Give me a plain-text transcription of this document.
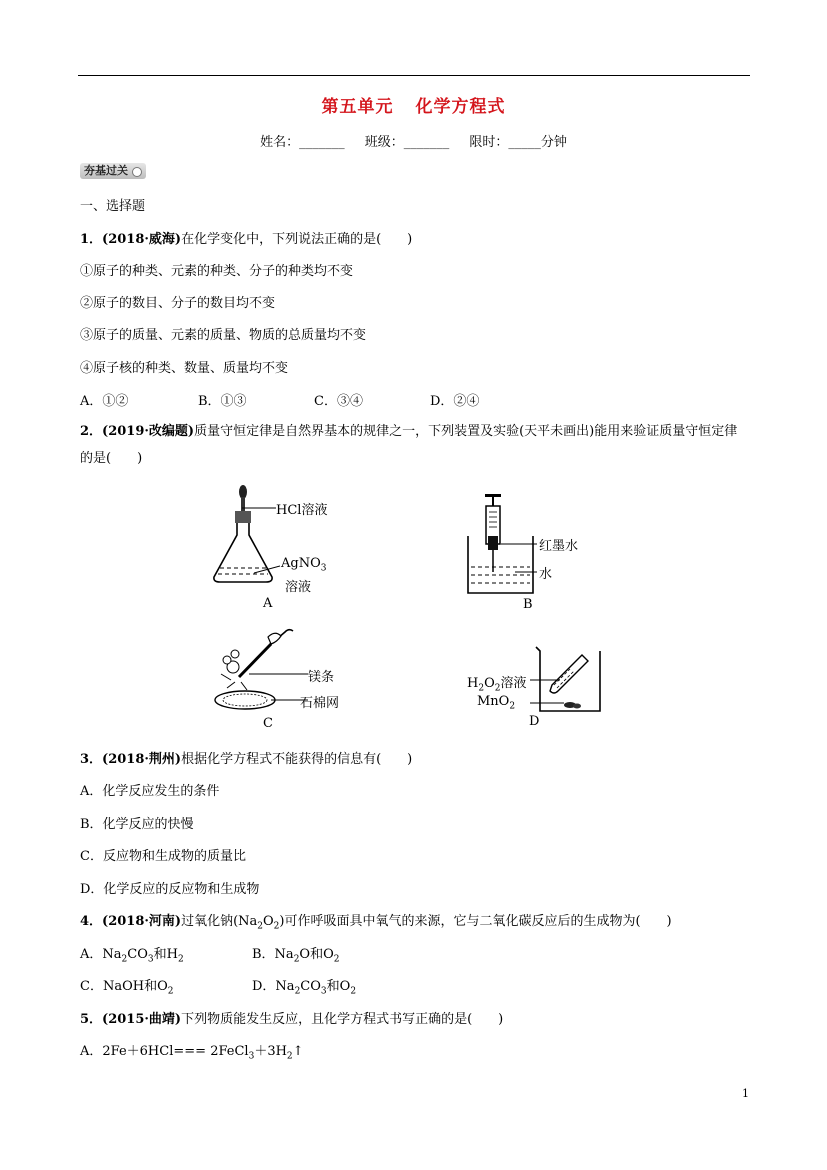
第五单元 化学方程式
姓名：_______ 班级：_______ 限时：_____分钟
夯基过关
一、选择题
1．(2018·威海)在化学变化中，下列说法正确的是(　　)
①原子的种类、元素的种类、分子的种类均不变
②原子的数目、分子的数目均不变
③原子的质量、元素的质量、物质的总质量均不变
④原子核的种类、数量、质量均不变
A．①②	B．①③	C．③④	D．②④
2．(2019·改编题)质量守恒定律是自然界基本的规律之一，下列装置及实验(天平未画出)能用来验证质量守恒定律的是(　　)
HCl溶液
AgNO$_3$
溶液
A
红墨水
水
B
镁条
石棉网
C
$H_2O_2$溶液
MnO$_2$
D
3．(2018·荆州)根据化学方程式不能获得的信息有(　　)
A．化学反应发生的条件
B．化学反应的快慢
C．反应物和生成物的质量比
D．化学反应的反应物和生成物
4．(2018·河南)过氧化钠$(Na_2O_2)$可作呼吸面具中氧气的来源，它与二氧化碳反应后的生成物为(　　)
A．$Na_2CO_3$和$H_2$	B．$Na_2O$和$O_2$
C．NaOH和$O_2$	D．$Na_2CO_3$和$O_2$
5．(2015·曲靖)下列物质能发生反应，且化学方程式书写正确的是(　　)
A．$2Fe+6HCl=== 2FeCl_3+3H_2↑$
1
